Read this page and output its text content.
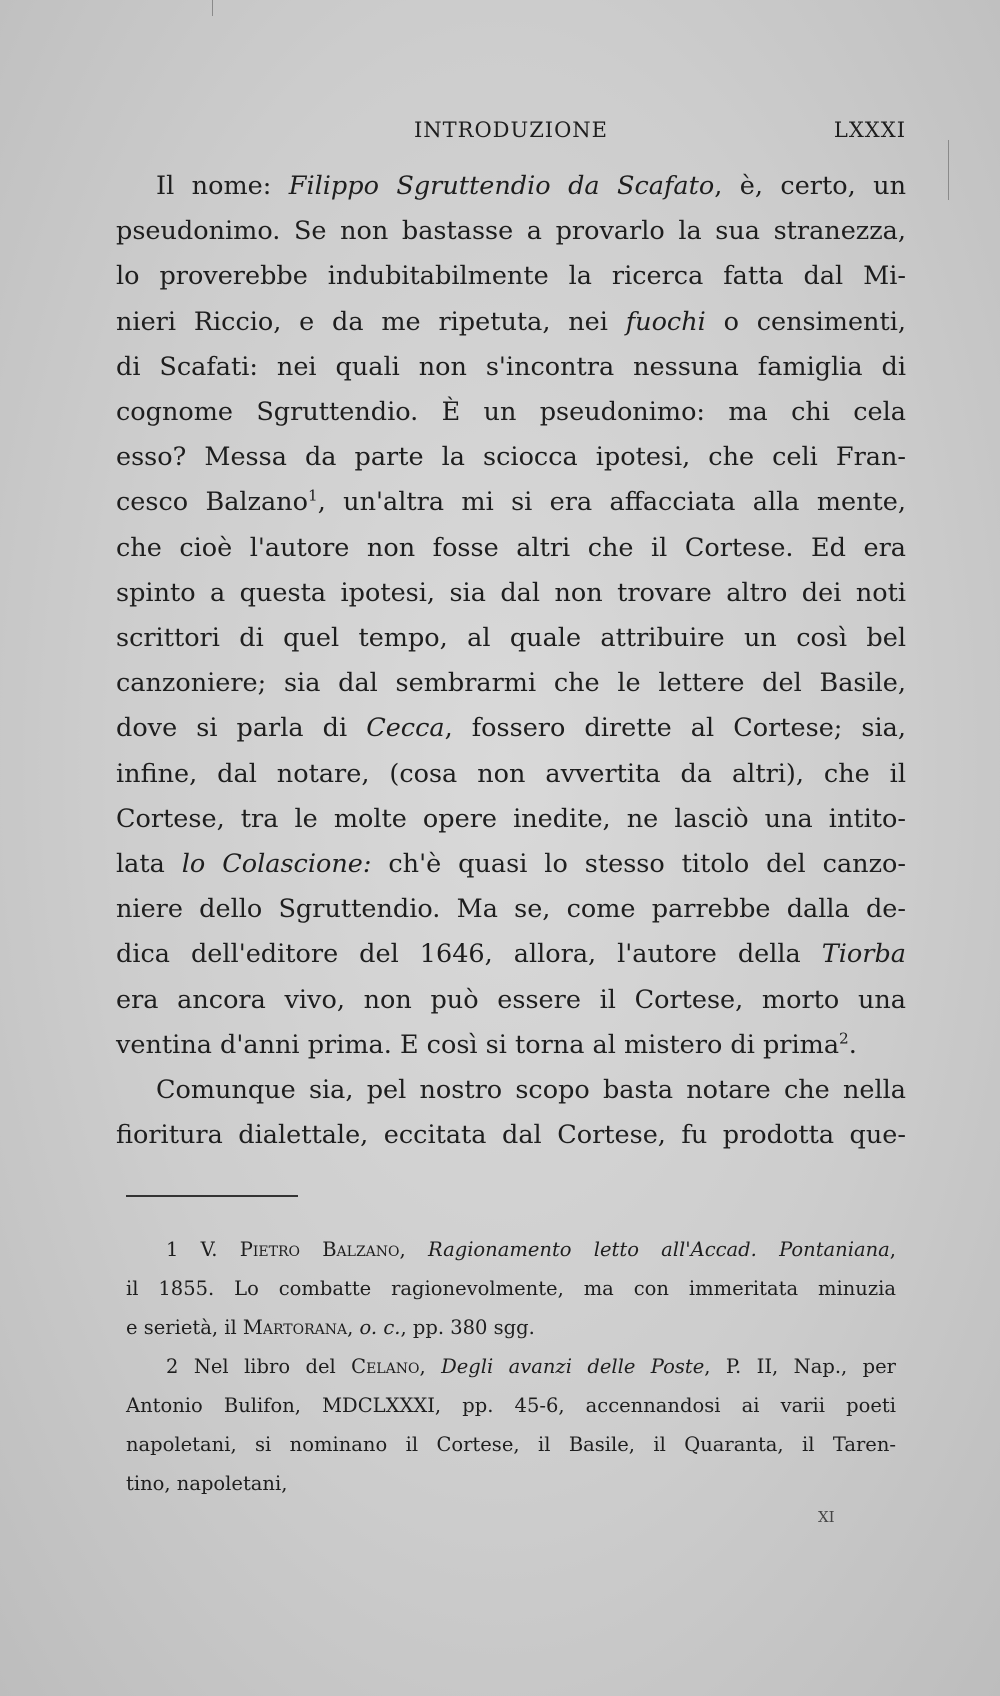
INTRODUZIONE	LXXXI

Il nome: Filippo Sgruttendio da Scafato, è, certo, un
pseudonimo. Se non bastasse a provarlo la sua stranezza,
lo proverebbe indubitabilmente la ricerca fatta dal Mi-
nieri Riccio, e da me ripetuta, nei fuochi o censimenti,
di Scafati: nei quali non s'incontra nessuna famiglia di
cognome Sgruttendio. È un pseudonimo: ma chi cela
esso? Messa da parte la sciocca ipotesi, che celi Fran-
cesco Balzano$^1$, un'altra mi si era affacciata alla mente,
che cioè l'autore non fosse altri che il Cortese. Ed era
spinto a questa ipotesi, sia dal non trovare altro dei noti
scrittori di quel tempo, al quale attribuire un così bel
canzoniere; sia dal sembrarmi che le lettere del Basile,
dove si parla di Cecca, fossero dirette al Cortese; sia,
infine, dal notare, (cosa non avvertita da altri), che il
Cortese, tra le molte opere inedite, ne lasciò una intito-
lata lo Colascione: ch'è quasi lo stesso titolo del canzo-
niere dello Sgruttendio. Ma se, come parrebbe dalla de-
dica dell'editore del 1646, allora, l'autore della Tiorba
era ancora vivo, non può essere il Cortese, morto una
ventina d'anni prima. E così si torna al mistero di prima$^2$.

Comunque sia, pel nostro scopo basta notare che nella
fioritura dialettale, eccitata dal Cortese, fu prodotta que-

1 V. Pietro Balzano, Ragionamento letto all'Accad. Pontaniana,
il 1855. Lo combatte ragionevolmente, ma con immeritata minuzia
e serietà, il Martorana, o. c., pp. 380 sgg.

2 Nel libro del Celano, Degli avanzi delle Poste, P. II, Nap., per
Antonio Bulifon, MDCLXXXI, pp. 45-6, accennandosi ai varii poeti
napoletani, si nominano il Cortese, il Basile, il Quaranta, il Taren-
tino, napoletani,

XI
